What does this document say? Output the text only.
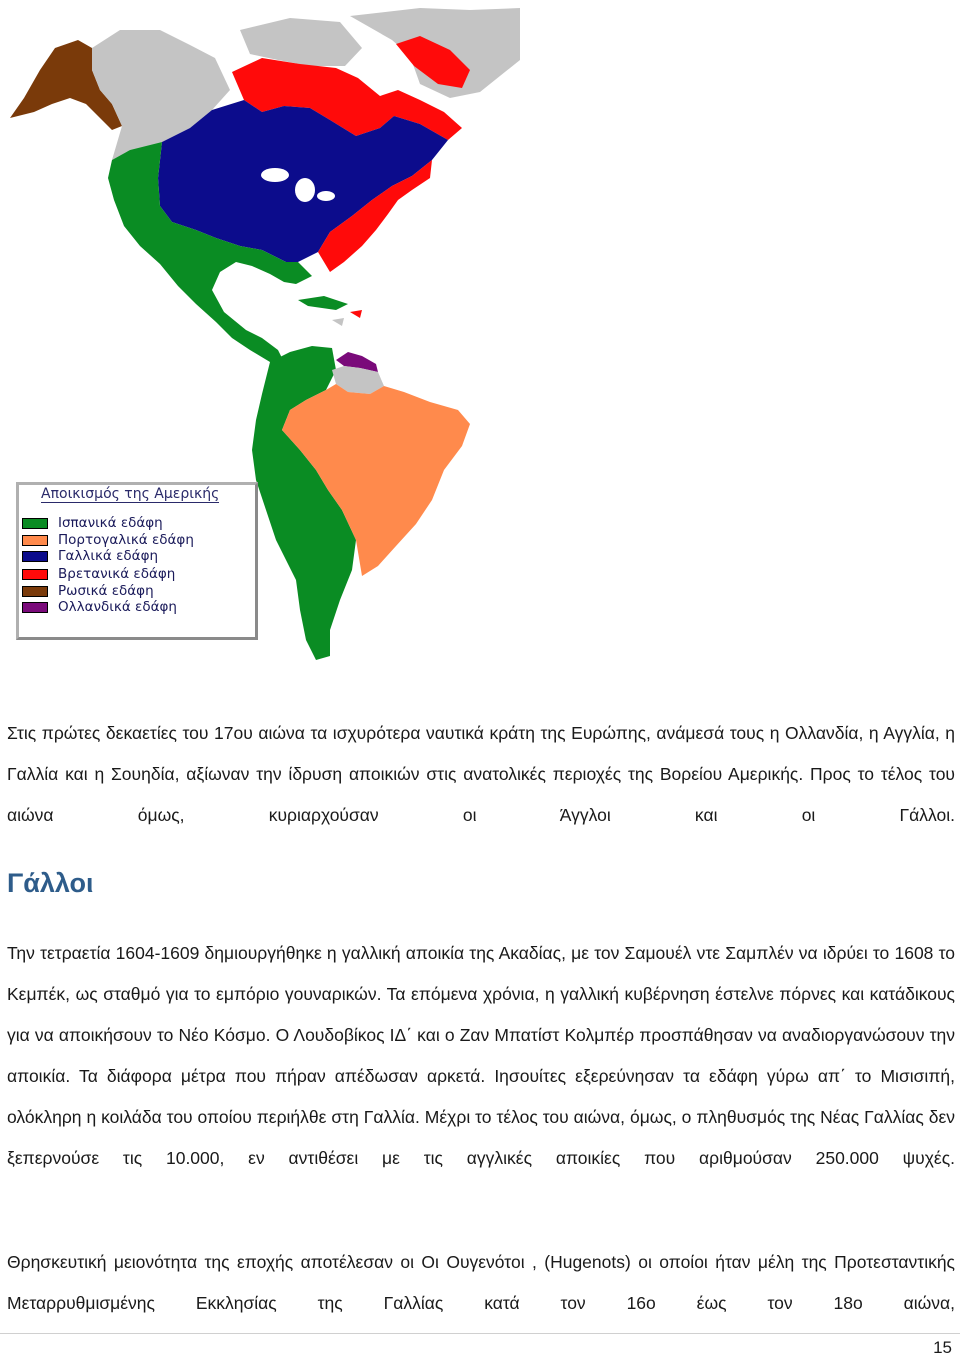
Αποικισμός της Αμερικής
Ισπανικά εδάφη
Πορτογαλικά εδάφη
Γαλλικά εδάφη
Βρετανικά εδάφη
Ρωσικά εδάφη
Ολλανδικά εδάφη

Στις πρώτες δεκαετίες του 17ου αιώνα τα ισχυρότερα ναυτικά κράτη της Ευρώπης, ανάμεσά τους η Ολλανδία, η Αγγλία, η Γαλλία και η Σουηδία, αξίωναν την ίδρυση αποικιών στις ανατολικές περιοχές της Βορείου Αμερικής. Προς το τέλος του αιώνα όμως, κυριαρχούσαν οι Άγγλοι και οι Γάλλοι.

Γάλλοι

Την τετραετία 1604-1609 δημιουργήθηκε η γαλλική αποικία της Ακαδίας, με τον Σαμουέλ ντε Σαμπλέν να ιδρύει το 1608 το Κεμπέκ, ως σταθμό για το εμπόριο γουναρικών. Τα επόμενα χρόνια, η γαλλική κυβέρνηση έστελνε πόρνες και κατάδικους για να αποικήσουν το Νέο Κόσμο. Ο Λουδοβίκος ΙΔ΄ και ο Ζαν Μπατίστ Κολμπέρ προσπάθησαν να αναδιοργανώσουν την αποικία. Τα διάφορα μέτρα που πήραν απέδωσαν αρκετά. Ιησουίτες εξερεύνησαν τα εδάφη γύρω απ΄ το Μισισιπή, ολόκληρη η κοιλάδα του οποίου περιήλθε στη Γαλλία. Μέχρι το τέλος του αιώνα, όμως, ο πληθυσμός της Νέας Γαλλίας δεν ξεπερνούσε τις 10.000, εν αντιθέσει με τις αγγλικές αποικίες που αριθμούσαν 250.000 ψυχές.

Θρησκευτική μειονότητα της εποχής αποτέλεσαν οι Οι Ουγενότοι , (Hugenots) οι οποίοι ήταν μέλη της Προτεσταντικής Μεταρρυθμισμένης Εκκλησίας της Γαλλίας κατά τον 16ο έως τον 18ο αιώνα,

15
